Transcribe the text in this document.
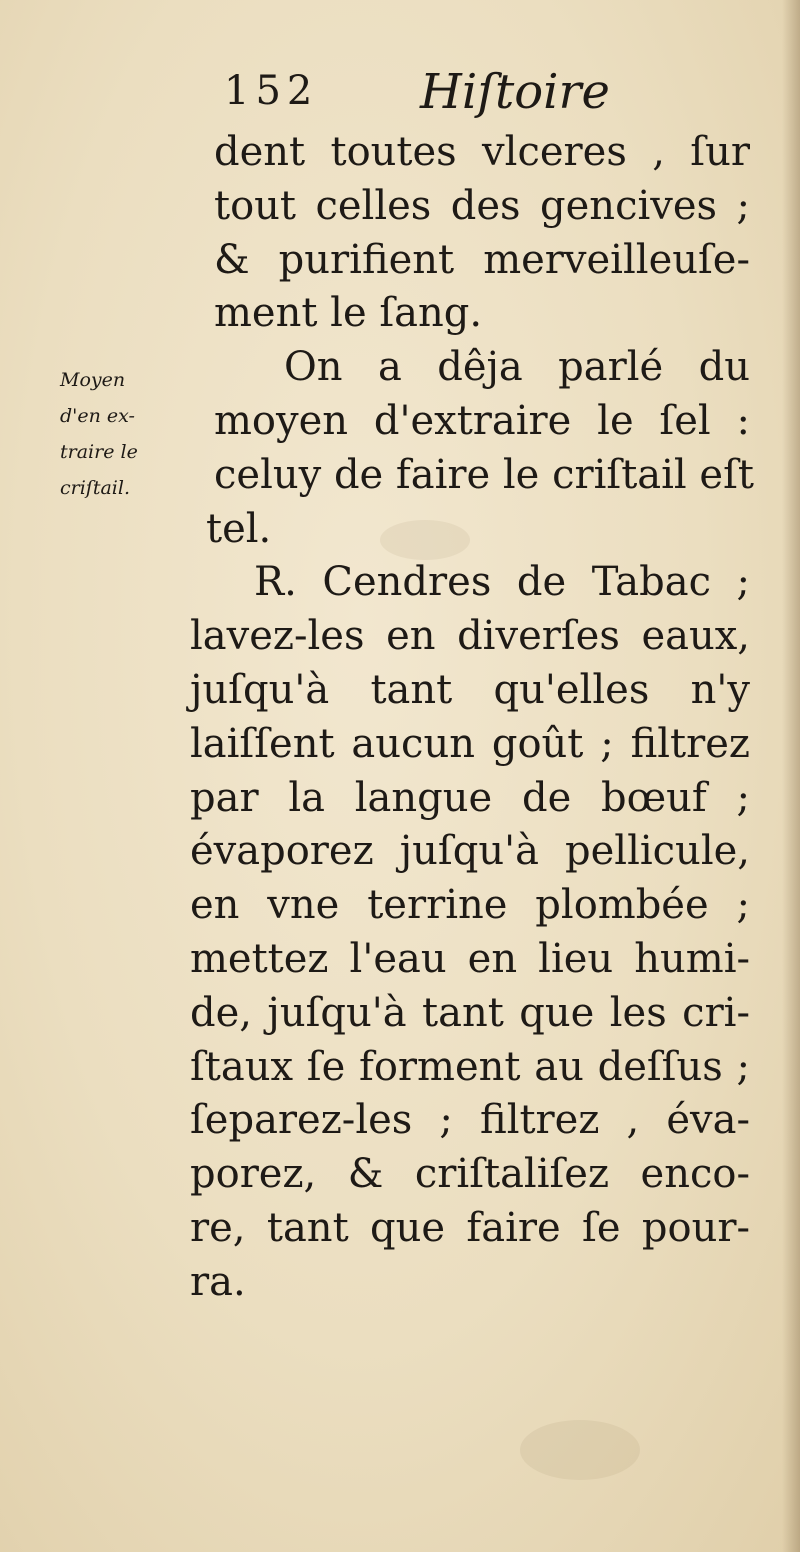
152 Hiſtoire
Moyen
d'en ex-
traire le
criſtail.
dent toutes vlceres , ſur
tout celles des gencives ;
& purifient merveilleuſe-
ment le ſang.
On a dêja parlé du
moyen d'extraire le ſel :
celuy de faire le criſtail eſt
tel.
R. Cendres de Tabac ;
lavez-les en diverſes eaux,
juſqu'à tant qu'elles n'y
laiſſent aucun goût ; filtrez
par la langue de bœuf ;
évaporez juſqu'à pellicule,
en vne terrine plombée ;
mettez l'eau en lieu humi-
de, juſqu'à tant que les cri-
ſtaux ſe forment au deſſus ;
ſeparez-les ; filtrez , éva-
porez, & criſtaliſez enco-
re, tant que faire ſe pour-
ra.
